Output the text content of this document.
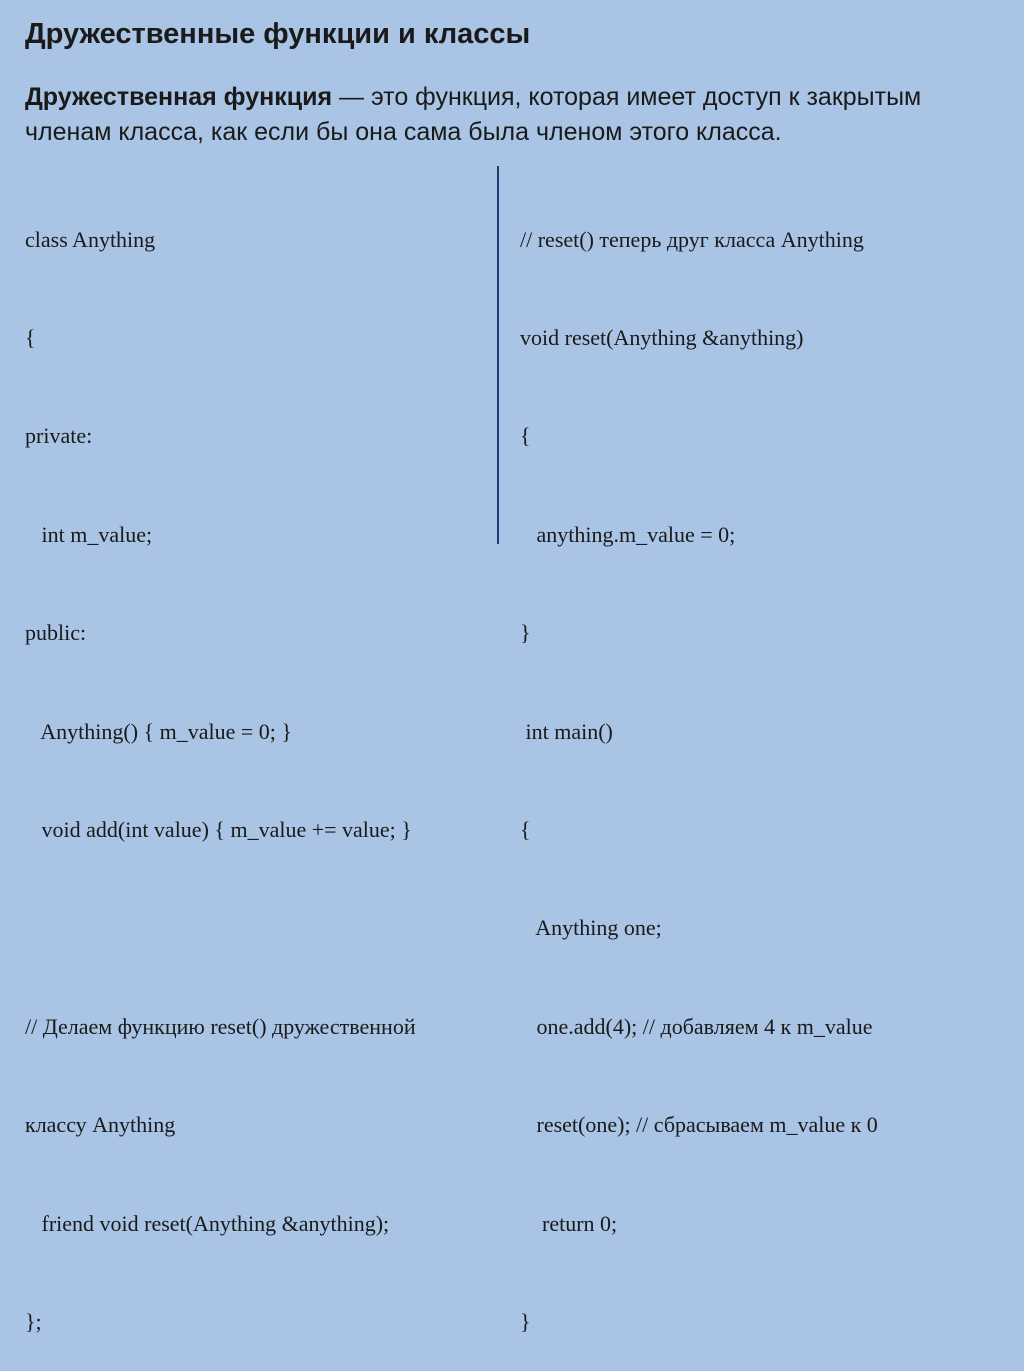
Дружественные функции и классы
Дружественная функция — это функция, которая имеет доступ к закрытым членам класса, как если бы она сама была членом этого класса.

class Anything

{

private:

int m_value;

public:

Anything() { m_value = 0; }

void add(int value) { m_value += value; }

// Делаем функцию reset() дружественной

классу Anything

friend void reset(Anything &anything);

};

// reset() теперь друг класса Anything

void reset(Anything &anything)

{

anything.m_value = 0;

}

int main()

{

Anything one;

one.add(4); // добавляем 4 к m_value

reset(one); // сбрасываем m_value к 0

return 0;

}
